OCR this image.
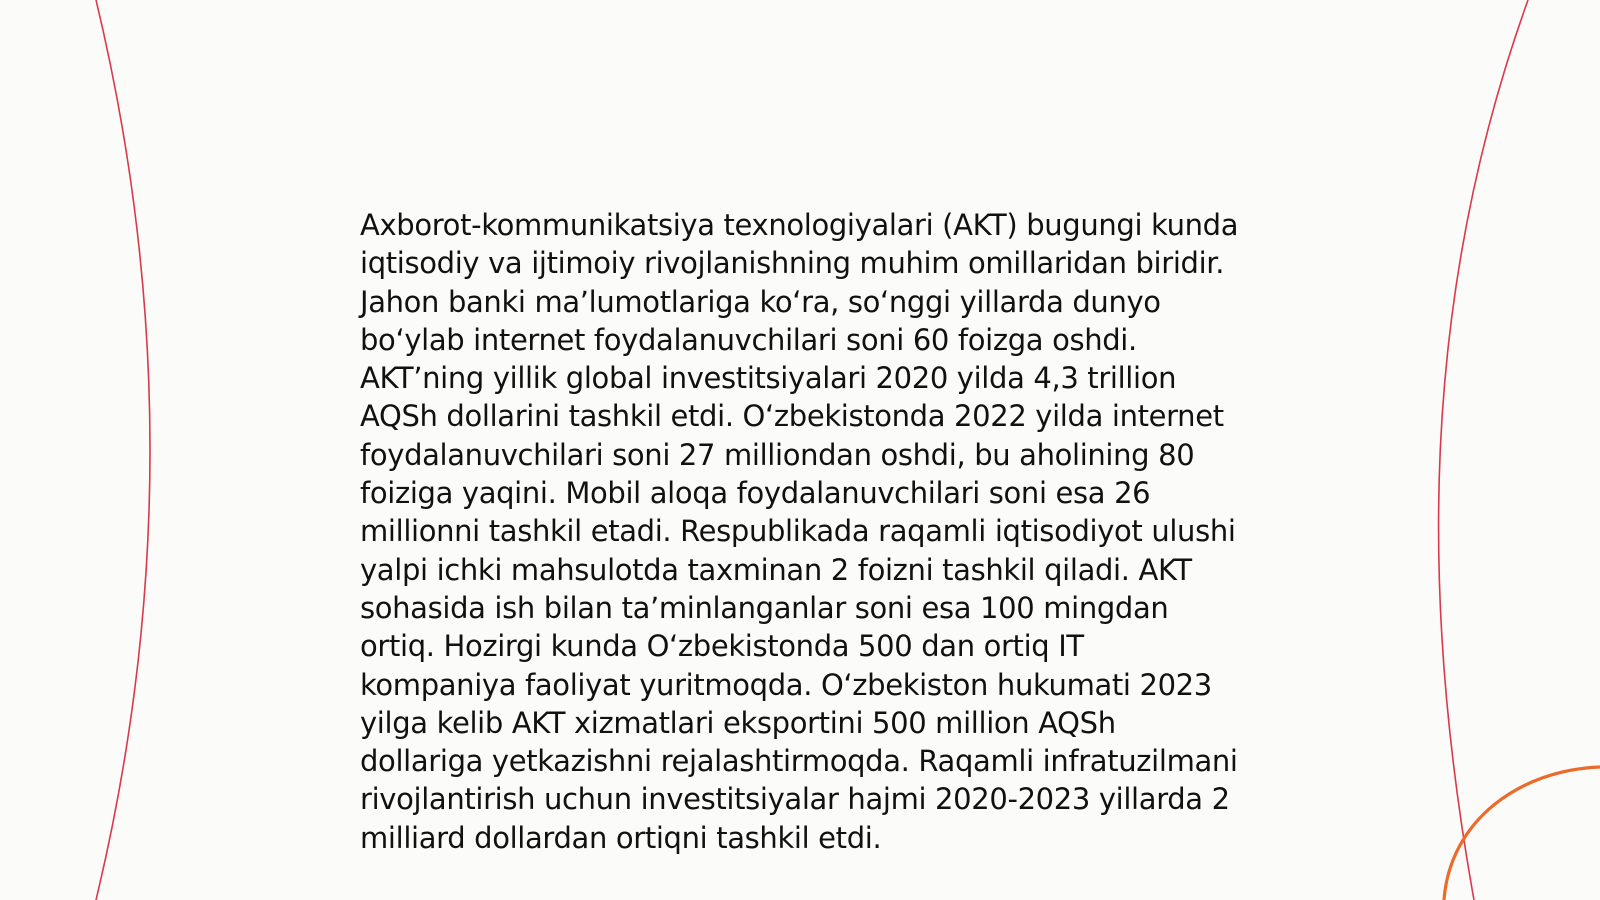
Axborot-kommunikatsiya texnologiyalari (AKT) bugungi kunda iqtisodiy va ijtimoiy rivojlanishning muhim omillaridan biridir. Jahon banki maʼlumotlariga koʻra, soʻnggi yillarda dunyo boʻylab internet foydalanuvchilari soni 60 foizga oshdi. AKTʼning yillik global investitsiyalari 2020 yilda 4,3 trillion AQSh dollarini tashkil etdi. Oʻzbekistonda 2022 yilda internet foydalanuvchilari soni 27 milliondan oshdi, bu aholining 80 foiziga yaqini. Mobil aloqa foydalanuvchilari soni esa 26 millionni tashkil etadi. Respublikada raqamli iqtisodiyot ulushi yalpi ichki mahsulotda taxminan 2 foizni tashkil qiladi. AKT sohasida ish bilan taʼminlanganlar soni esa 100 mingdan ortiq. Hozirgi kunda Oʻzbekistonda 500 dan ortiq IT kompaniya faoliyat yuritmoqda. Oʻzbekiston hukumati 2023 yilga kelib AKT xizmatlari eksportini 500 million AQSh dollariga yetkazishni rejalashtirmoqda. Raqamli infratuzilmani rivojlantirish uchun investitsiyalar hajmi 2020-2023 yillarda 2 milliard dollardan ortiqni tashkil etdi.
